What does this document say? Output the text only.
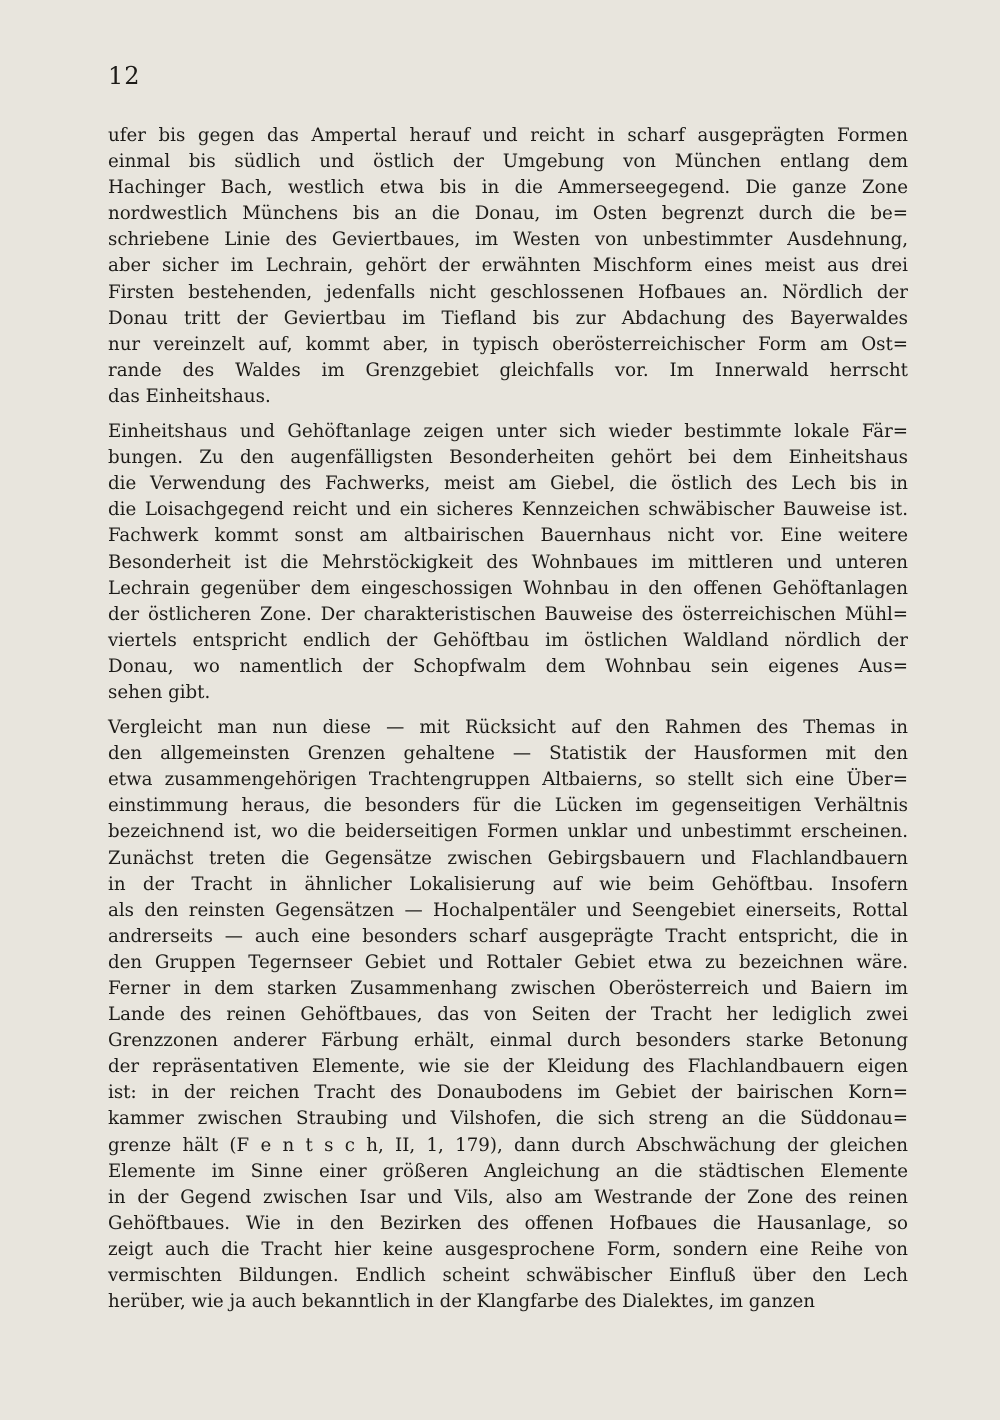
12
ufer bis gegen das Ampertal herauf und reicht in scharf ausgeprägten Formen
einmal bis südlich und östlich der Umgebung von München entlang dem
Hachinger Bach, westlich etwa bis in die Ammerseegegend. Die ganze Zone
nordwestlich Münchens bis an die Donau, im Osten begrenzt durch die be=
schriebene Linie des Geviertbaues, im Westen von unbestimmter Ausdehnung,
aber sicher im Lechrain, gehört der erwähnten Mischform eines meist aus drei
Firsten bestehenden, jedenfalls nicht geschlossenen Hofbaues an. Nördlich der
Donau tritt der Geviertbau im Tiefland bis zur Abdachung des Bayerwaldes
nur vereinzelt auf, kommt aber, in typisch oberösterreichischer Form am Ost=
rande des Waldes im Grenzgebiet gleichfalls vor. Im Innerwald herrscht
das Einheitshaus.
Einheitshaus und Gehöftanlage zeigen unter sich wieder bestimmte lokale Fär=
bungen. Zu den augenfälligsten Besonderheiten gehört bei dem Einheitshaus
die Verwendung des Fachwerks, meist am Giebel, die östlich des Lech bis in
die Loisachgegend reicht und ein sicheres Kennzeichen schwäbischer Bauweise ist.
Fachwerk kommt sonst am altbairischen Bauernhaus nicht vor. Eine weitere
Besonderheit ist die Mehrstöckigkeit des Wohnbaues im mittleren und unteren
Lechrain gegenüber dem eingeschossigen Wohnbau in den offenen Gehöftanlagen
der östlicheren Zone. Der charakteristischen Bauweise des österreichischen Mühl=
viertels entspricht endlich der Gehöftbau im östlichen Waldland nördlich der
Donau, wo namentlich der Schopfwalm dem Wohnbau sein eigenes Aus=
sehen gibt.
Vergleicht man nun diese — mit Rücksicht auf den Rahmen des Themas in
den allgemeinsten Grenzen gehaltene — Statistik der Hausformen mit den
etwa zusammengehörigen Trachtengruppen Altbaierns, so stellt sich eine Über=
einstimmung heraus, die besonders für die Lücken im gegenseitigen Verhältnis
bezeichnend ist, wo die beiderseitigen Formen unklar und unbestimmt erscheinen.
Zunächst treten die Gegensätze zwischen Gebirgsbauern und Flachlandbauern
in der Tracht in ähnlicher Lokalisierung auf wie beim Gehöftbau. Insofern
als den reinsten Gegensätzen — Hochalpentäler und Seengebiet einerseits, Rottal
andrerseits — auch eine besonders scharf ausgeprägte Tracht entspricht, die in
den Gruppen Tegernseer Gebiet und Rottaler Gebiet etwa zu bezeichnen wäre.
Ferner in dem starken Zusammenhang zwischen Oberösterreich und Baiern im
Lande des reinen Gehöftbaues, das von Seiten der Tracht her lediglich zwei
Grenzzonen anderer Färbung erhält, einmal durch besonders starke Betonung
der repräsentativen Elemente, wie sie der Kleidung des Flachlandbauern eigen
ist: in der reichen Tracht des Donaubodens im Gebiet der bairischen Korn=
kammer zwischen Straubing und Vilshofen, die sich streng an die Süddonau=
grenze hält (F e n t s c h, II, 1, 179), dann durch Abschwächung der gleichen
Elemente im Sinne einer größeren Angleichung an die städtischen Elemente
in der Gegend zwischen Isar und Vils, also am Westrande der Zone des reinen
Gehöftbaues. Wie in den Bezirken des offenen Hofbaues die Hausanlage, so
zeigt auch die Tracht hier keine ausgesprochene Form, sondern eine Reihe von
vermischten Bildungen. Endlich scheint schwäbischer Einfluß über den Lech
herüber, wie ja auch bekanntlich in der Klangfarbe des Dialektes, im ganzen
